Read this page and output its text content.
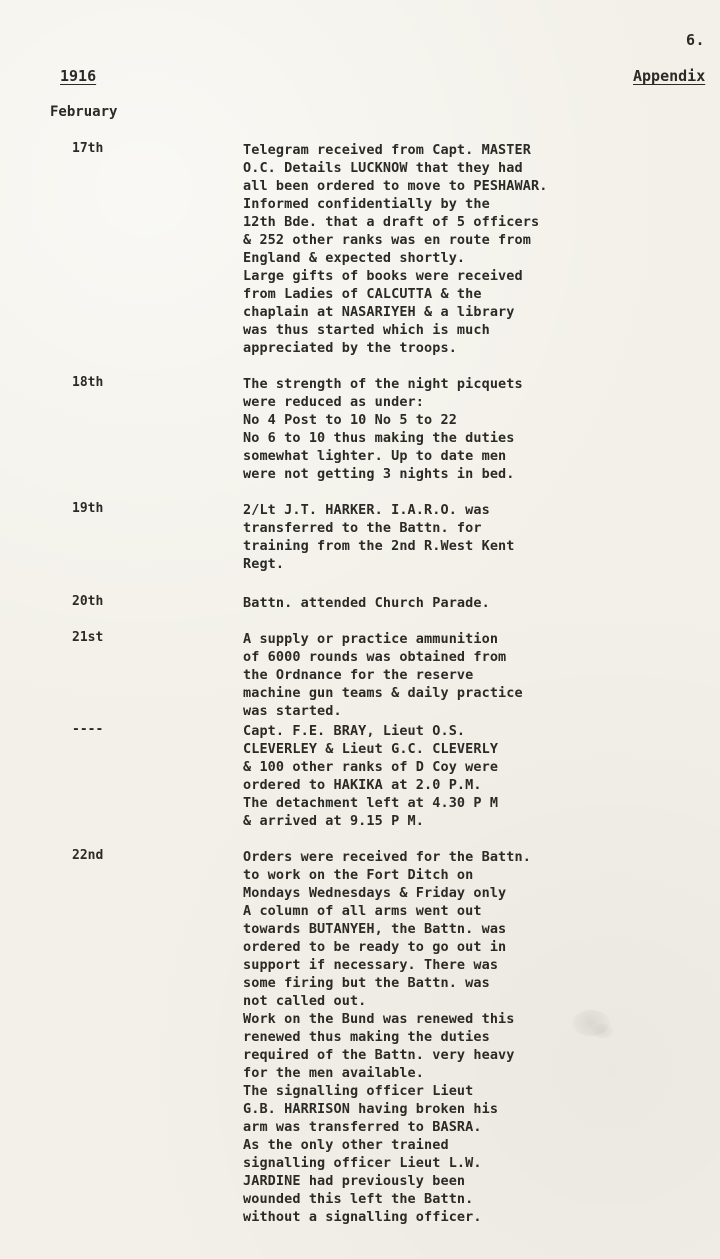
6.
1916	Appendix
February
17th	Telegram received from Capt. MASTER
O.C. Details LUCKNOW that they had
all been ordered to move to PESHAWAR.
Informed confidentially by the
12th Bde. that a draft of 5 officers
& 252 other ranks was en route from
England & expected shortly.
Large gifts of books were received
from Ladies of CALCUTTA & the
chaplain at NASARIYEH & a library
was thus started which is much
appreciated by the troops.
18th	The strength of the night picquets
were reduced as under:
No 4 Post to 10 No 5 to 22
No 6 to 10 thus making the duties
somewhat lighter. Up to date men
were not getting 3 nights in bed.
19th	2/Lt J.T. HARKER. I.A.R.O. was
transferred to the Battn. for
training from the 2nd R.West Kent
Regt.
20th	Battn. attended Church Parade.
21st	A supply or practice ammunition
of 6000 rounds was obtained from
the Ordnance for the reserve
machine gun teams & daily practice
was started.
----	Capt. F.E. BRAY, Lieut O.S.
CLEVERLEY & Lieut G.C. CLEVERLY
& 100 other ranks of D Coy were
ordered to HAKIKA at 2.0 P.M.
The detachment left at 4.30 P M
& arrived at 9.15 P M.
22nd	Orders were received for the Battn.
to work on the Fort Ditch on
Mondays Wednesdays & Friday only
A column of all arms went out
towards BUTANYEH, the Battn. was
ordered to be ready to go out in
support if necessary. There was
some firing but the Battn. was
not called out.
Work on the Bund was renewed this
renewed thus making the duties
required of the Battn. very heavy
for the men available.
The signalling officer Lieut
G.B. HARRISON having broken his
arm was transferred to BASRA.
As the only other trained
signalling officer Lieut L.W.
JARDINE had previously been
wounded this left the Battn.
without a signalling officer.
